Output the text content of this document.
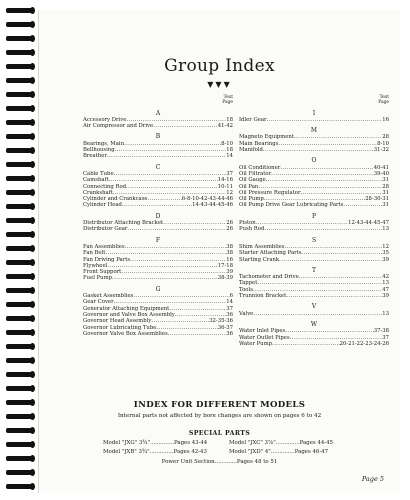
Group Index
▼▼▼
Text
Page
A
Accessory Drive .....	18
Air Compressor and Drive .....	41-42
B
Bearings, Main .....	8-10
Bellhousing .....	18
Breather .....	14
C
Cable Tube .....	37
Camshaft .....	14-16
Connecting Rod .....	10-11
Crankshaft .....	12
Cylinder and Crankcase .....	6-8-10-42-43-44-46
Cylinder Head .....	14-43-44-45-46
D
Distributor Attaching Bracket .....	26
Distributor Gear .....	26
F
Fan Assemblies .....	38
Fan Belt .....	38
Fan Driving Parts .....	16
Flywheel .....	17-18
Front Support .....	39
Fuel Pump .....	38-39
G
Gasket Assemblies .....	6
Gear Cover .....	14
Generator Attaching Equipment .....	37
Governor and Valve Box Assembly .....	36
Governor Head Assembly .....	32-35-36
Governor Lubricating Tube .....	36-37
Governor Valve Box Assemblies .....	36
Text
Page
I
Idler Gear .....	16
M
Magneto Equipment .....	28
Main Bearings .....	8-10
Manifold .....	31-32
O
Oil Conditioner .....	40-41
Oil Filtrator .....	39-40
Oil Gauge .....	31
Oil Pan .....	28
Oil Pressure Regulator .....	31
Oil Pump .....	28-30-31
Oil Pump Drive Gear Lubricating Parts .....	31
P
Piston .....	12-43-44-45-47
Push Rod .....	13
S
Shim Assemblies .....	12
Starter Attaching Parts .....	35
Starting Crank .....	39
T
Tachometer and Drive .....	42
Tappet .....	13
Tools .....	47
Trunnion Bracket .....	39
V
Valve .....	13
W
Water Inlet Pipes .....	37-38
Water Outlet Pipes .....	37
Water Pump .....	20-21-22-23-24-26
INDEX FOR DIFFERENT MODELS
Internal parts not affected by bore changes are shown on pages 6 to 42
SPECIAL PARTS
Model "JXG" 3¾" .....	Pages 43-44	Model "JXC" 3⅞" .....	Pages 44-45
Model "JXB" 3¾" .....	Pages 42-43	Model "JXD" 4" .....	Pages 46-47
Power Unit Section.............Pages 48 to 51
Page 5
